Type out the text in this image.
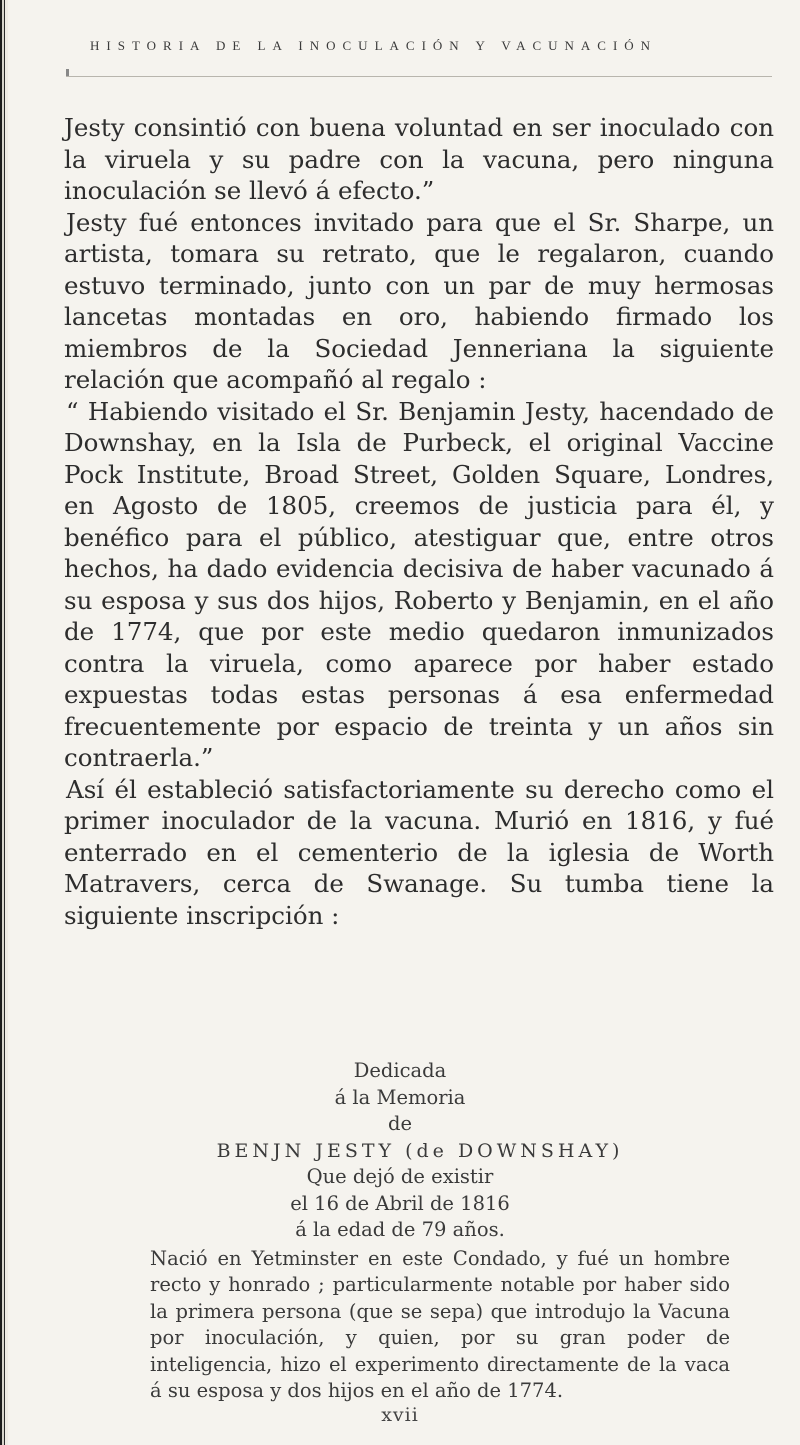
HISTORIA DE LA INOCULACIÓN Y VACUNACIÓN

Jesty consintió con buena voluntad en ser inoculado con la viruela y su padre con la vacuna, pero ninguna inoculación se llevó á efecto.”

Jesty fué entonces invitado para que el Sr. Sharpe, un artista, tomara su retrato, que le regalaron, cuando estuvo terminado, junto con un par de muy hermosas lancetas montadas en oro, habiendo firmado los miembros de la Sociedad Jenneriana la siguiente relación que acompañó al regalo :

“ Habiendo visitado el Sr. Benjamin Jesty, hacendado de Downshay, en la Isla de Purbeck, el original Vaccine Pock Institute, Broad Street, Golden Square, Londres, en Agosto de 1805, creemos de justicia para él, y benéfico para el público, atestiguar que, entre otros hechos, ha dado evidencia decisiva de haber vacunado á su esposa y sus dos hijos, Roberto y Benjamin, en el año de 1774, que por este medio quedaron inmunizados contra la viruela, como aparece por haber estado expuestas todas estas personas á esa enfermedad frecuentemente por espacio de treinta y un años sin contraerla.”

Así él estableció satisfactoriamente su derecho como el primer inoculador de la vacuna. Murió en 1816, y fué enterrado en el cementerio de la iglesia de Worth Matravers, cerca de Swanage. Su tumba tiene la siguiente inscripción :

Dedicada
á la Memoria
de
BENJN JESTY (de DOWNSHAY)
Que dejó de existir
el 16 de Abril de 1816
á la edad de 79 años.
Nació en Yetminster en este Condado, y fué un hombre recto y honrado ; particularmente notable por haber sido la primera persona (que se sepa) que introdujo la Vacuna por inoculación, y quien, por su gran poder de inteligencia, hizo el experimento directamente de la vaca á su esposa y dos hijos en el año de 1774.
xvii
